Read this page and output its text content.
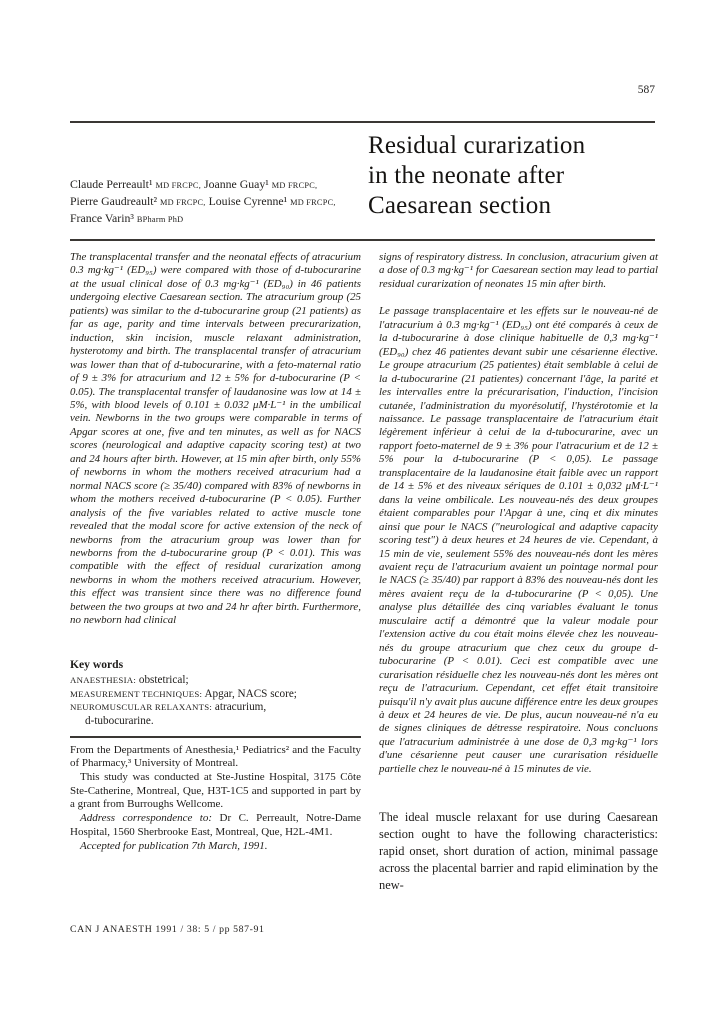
587
Claude Perreault¹ MD FRCPC, Joanne Guay¹ MD FRCPC,
Pierre Gaudreault² MD FRCPC, Louise Cyrenne¹ MD FRCPC,
France Varin³ BPharm PhD
Residual curarization
in the neonate after
Caesarean section

The transplacental transfer and the neonatal effects of atracurium 0.3 mg·kg⁻¹ (ED₉₅) were compared with those of d-tubocurarine at the usual clinical dose of 0.3 mg·kg⁻¹ (ED₉₀) in 46 patients undergoing elective Caesarean section. The atracurium group (25 patients) was similar to the d-tubocurarine group (21 patients) as far as age, parity and time intervals between precurarization, induction, skin incision, muscle relaxant administration, hysterotomy and birth. The transplacental transfer of atracurium was lower than that of d-tubocurarine, with a feto-maternal ratio of 9 ± 3% for atracurium and 12 ± 5% for d-tubocurarine (P < 0.05). The transplacental transfer of laudanosine was low at 14 ± 5%, with blood levels of 0.101 ± 0.032 μM·L⁻¹ in the umbilical vein. Newborns in the two groups were comparable in terms of Apgar scores at one, five and ten minutes, as well as for NACS scores (neurological and adaptive capacity scoring test) at two and 24 hours after birth. However, at 15 min after birth, only 55% of newborns in whom the mothers received atracurium had a normal NACS score (≥ 35/40) compared with 83% of newborns in whom the mothers received d-tubocurarine (P < 0.05). Further analysis of the five variables related to active muscle tone revealed that the modal score for active extension of the neck of newborns from the atracurium group was lower than for newborns from the d-tubocurarine group (P < 0.01). This was compatible with the effect of residual curarization among newborns in whom the mothers received atracurium. However, this effect was transient since there was no difference found between the two groups at two and 24 hr after birth. Furthermore, no newborn had clinical

Key words
ANAESTHESIA: obstetrical;
MEASUREMENT TECHNIQUES: Apgar, NACS score;
NEUROMUSCULAR RELAXANTS: atracurium,
d-tubocurarine.

From the Departments of Anesthesia,¹ Pediatrics² and the Faculty of Pharmacy,³ University of Montreal.

This study was conducted at Ste-Justine Hospital, 3175 Côte Ste-Catherine, Montreal, Que, H3T-1C5 and supported in part by a grant from Burroughs Wellcome.

Address correspondence to: Dr C. Perreault, Notre-Dame Hospital, 1560 Sherbrooke East, Montreal, Que, H2L-4M1.

Accepted for publication 7th March, 1991.

signs of respiratory distress. In conclusion, atracurium given at a dose of 0.3 mg·kg⁻¹ for Caesarean section may lead to partial residual curarization of neonates 15 min after birth.

Le passage transplacentaire et les effets sur le nouveau-né de l'atracurium à 0.3 mg·kg⁻¹ (ED₉₅) ont été comparés à ceux de la d-tubocurarine à dose clinique habituelle de 0,3 mg·kg⁻¹ (ED₉₀) chez 46 patientes devant subir une césarienne élective. Le groupe atracurium (25 patientes) était semblable à celui de la d-tubocurarine (21 patientes) concernant l'âge, la parité et les intervalles entre la précurarisation, l'induction, l'incision cutanée, l'administration du myorésolutif, l'hystérotomie et la naissance. Le passage transplacentaire de l'atracurium était légèrement inférieur à celui de la d-tubocurarine, avec un rapport foeto-maternel de 9 ± 3% pour l'atracurium et de 12 ± 5% pour la d-tubocurarine (P < 0,05). Le passage transplacentaire de la laudanosine était faible avec un rapport de 14 ± 5% et des niveaux sériques de 0.101 ± 0,032 μM·L⁻¹ dans la veine ombilicale. Les nouveau-nés des deux groupes étaient comparables pour l'Apgar à une, cinq et dix minutes ainsi que pour le NACS ("neurological and adaptive capacity scoring test") à deux heures et 24 heures de vie. Cependant, à 15 min de vie, seulement 55% des nouveau-nés dont les mères avaient reçu de l'atracurium avaient un pointage normal pour le NACS (≥ 35/40) par rapport à 83% des nouveau-nés dont les mères avaient reçu de la d-tubocurarine (P < 0,05). Une analyse plus détaillée des cinq variables évaluant le tonus musculaire actif a démontré que la valeur modale pour l'extension active du cou était moins élevée chez les nouveau-nés du groupe atracurium que chez ceux du groupe d-tubocurarine (P < 0.01). Ceci est compatible avec une curarisation résiduelle chez les nouveau-nés dont les mères ont reçu de l'atracurium. Cependant, cet effet était transitoire puisqu'il n'y avait plus aucune différence entre les deux groupes à deux et 24 heures de vie. De plus, aucun nouveau-né n'a eu de signes cliniques de détresse respiratoire. Nous concluons que l'atracurium administrée à une dose de 0,3 mg·kg⁻¹ lors d'une césarienne peut causer une curarisation résiduelle partielle chez le nouveau-né à 15 minutes de vie.

The ideal muscle relaxant for use during Caesarean section ought to have the following characteristics: rapid onset, short duration of action, minimal passage across the placental barrier and rapid elimination by the new-

CAN J ANAESTH 1991 / 38: 5 / pp 587-91
